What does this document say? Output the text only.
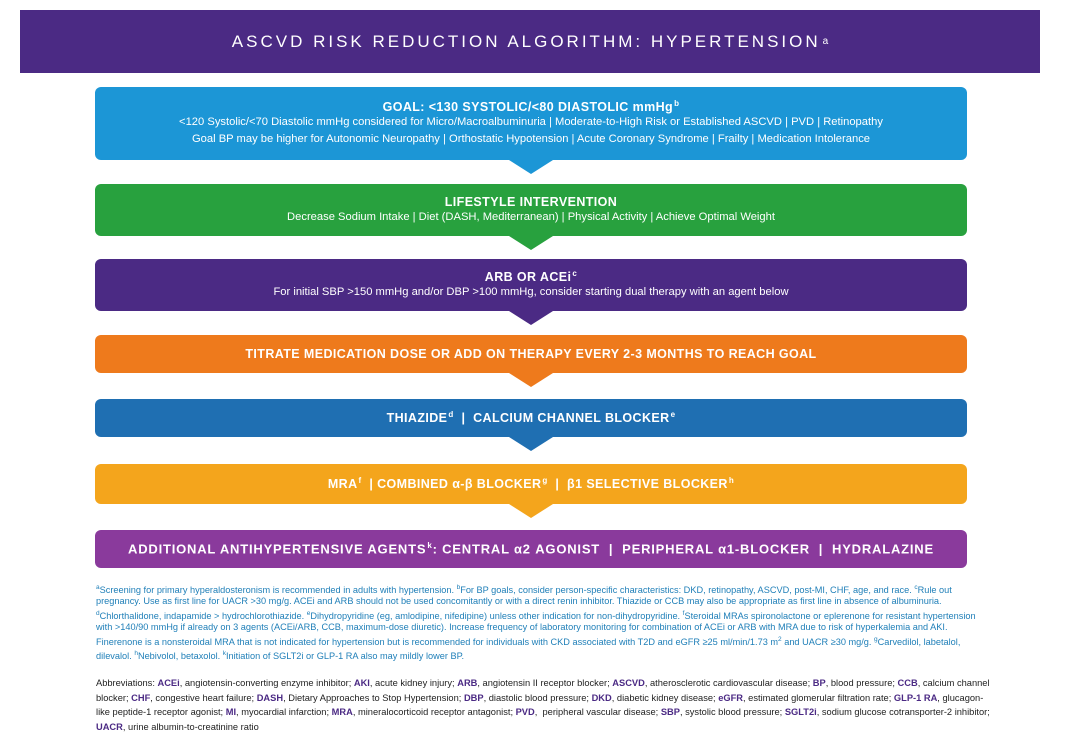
ASCVD RISK REDUCTION ALGORITHM: HYPERTENSION a
GOAL: <130 SYSTOLIC/<80 DIASTOLIC mmHg$^b$
<120 Systolic/<70 Diastolic mmHg considered for Micro/Macroalbuminuria | Moderate-to-High Risk or Established ASCVD | PVD | Retinopathy
Goal BP may be higher for Autonomic Neuropathy | Orthostatic Hypotension | Acute Coronary Syndrome | Frailty | Medication Intolerance
LIFESTYLE INTERVENTION
Decrease Sodium Intake | Diet (DASH, Mediterranean) | Physical Activity | Achieve Optimal Weight
ARB OR ACEi$^c$
For initial SBP >150 mmHg and/or DBP >100 mmHg, consider starting dual therapy with an agent below
TITRATE MEDICATION DOSE OR ADD ON THERAPY EVERY 2-3 MONTHS TO REACH GOAL
THIAZIDE$^d$  |  CALCIUM CHANNEL BLOCKER$^e$
MRA$^f$  | COMBINED α-β BLOCKER$^g$  |  β1 SELECTIVE BLOCKER$^h$
ADDITIONAL ANTIHYPERTENSIVE AGENTS$^k$: CENTRAL α2 AGONIST  |  PERIPHERAL α1-BLOCKER  |  HYDRALAZINE
$^a$Screening for primary hyperaldosteronism is recommended in adults with hypertension. $^b$For BP goals, consider person-specific characteristics: DKD, retinopathy, ASCVD, post-MI, CHF, age, and race. $^c$Rule out pregnancy. Use as first line for UACR >30 mg/g. ACEi and ARB should not be used concomitantly or with a direct renin inhibitor. Thiazide or CCB may also be appropriate as first line in absence of albuminuria. $^d$Chlorthalidone, indapamide > hydrochlorothiazide. $^e$Dihydropyridine (eg, amlodipine, nifedipine) unless other indication for non-dihydropyridine. $^f$Steroidal MRAs spironolactone or eplerenone for resistant hypertension with >140/90 mmHg if already on 3 agents (ACEi/ARB, CCB, maximum-dose diuretic). Increase frequency of laboratory monitoring for combination of ACEi or ARB with MRA due to risk of hyperkalemia and AKI. Finerenone is a nonsteroidal MRA that is not indicated for hypertension but is recommended for individuals with CKD associated with T2D and eGFR ≥25 ml/min/1.73 $m^2$ and UACR ≥30 mg/g. $^g$Carvedilol, labetalol, dilevalol. $^h$Nebivolol, betaxolol. $^k$Initiation of SGLT2i or GLP-1 RA also may mildly lower BP.
Abbreviations: ACEi, angiotensin-converting enzyme inhibitor; AKI, acute kidney injury; ARB, angiotensin II receptor blocker; ASCVD, atherosclerotic cardiovascular disease; BP, blood pressure; CCB, calcium channel blocker; CHF, congestive heart failure; DASH, Dietary Approaches to Stop Hypertension; DBP, diastolic blood pressure; DKD, diabetic kidney disease; eGFR, estimated glomerular filtration rate; GLP-1 RA, glucagon-like peptide-1 receptor agonist; MI, myocardial infarction; MRA, mineralocorticoid receptor antagonist; PVD,  peripheral vascular disease; SBP, systolic blood pressure; SGLT2i, sodium glucose cotransporter-2 inhibitor; UACR, urine albumin-to-creatinine ratio
